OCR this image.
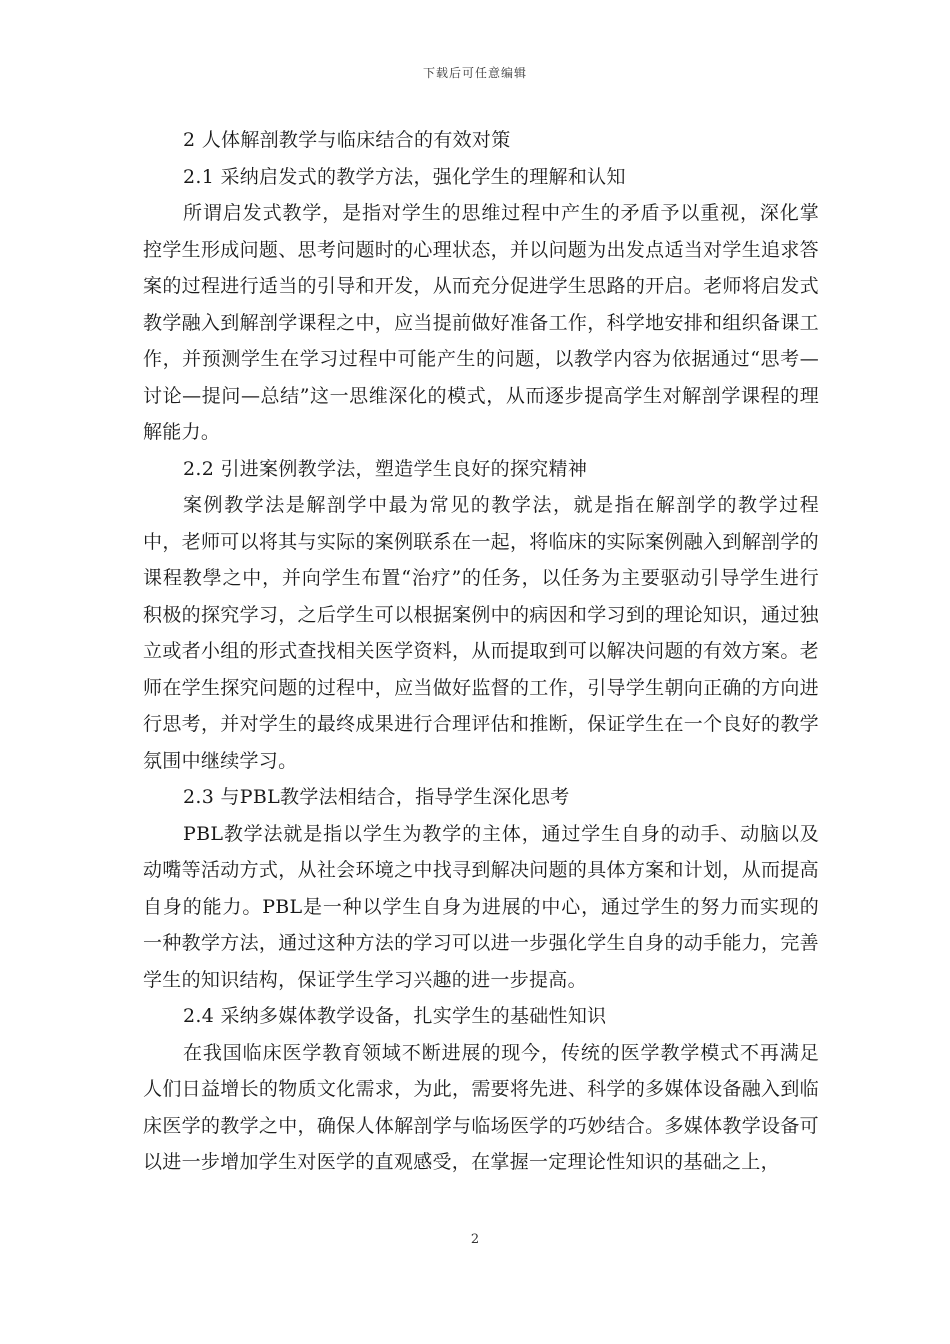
下载后可任意编辑

2 人体解剖教学与临床结合的有效对策

2.1 采纳启发式的教学方法，强化学生的理解和认知

所谓启发式教学，是指对学生的思维过程中产生的矛盾予以重视，深化掌控学生形成问题、思考问题时的心理状态，并以问题为出发点适当对学生追求答案的过程进行适当的引导和开发，从而充分促进学生思路的开启。老师将启发式教学融入到解剖学课程之中，应当提前做好准备工作，科学地安排和组织备课工作，并预测学生在学习过程中可能产生的问题，以教学内容为依据通过“思考—讨论—提问—总结”这一思维深化的模式，从而逐步提高学生对解剖学课程的理解能力。

2.2 引进案例教学法，塑造学生良好的探究精神

案例教学法是解剖学中最为常见的教学法，就是指在解剖学的教学过程中，老师可以将其与实际的案例联系在一起，将临床的实际案例融入到解剖学的课程教學之中，并向学生布置“治疗”的任务，以任务为主要驱动引导学生进行积极的探究学习，之后学生可以根据案例中的病因和学习到的理论知识，通过独立或者小组的形式查找相关医学资料，从而提取到可以解决问题的有效方案。老师在学生探究问题的过程中，应当做好监督的工作，引导学生朝向正确的方向进行思考，并对学生的最终成果进行合理评估和推断，保证学生在一个良好的教学氛围中继续学习。

2.3 与PBL教学法相结合，指导学生深化思考

PBL教学法就是指以学生为教学的主体，通过学生自身的动手、动脑以及动嘴等活动方式，从社会环境之中找寻到解决问题的具体方案和计划，从而提高自身的能力。PBL是一种以学生自身为进展的中心，通过学生的努力而实现的一种教学方法，通过这种方法的学习可以进一步强化学生自身的动手能力，完善学生的知识结构，保证学生学习兴趣的进一步提高。

2.4 采纳多媒体教学设备，扎实学生的基础性知识

在我国临床医学教育领域不断进展的现今，传统的医学教学模式不再满足人们日益增长的物质文化需求，为此，需要将先进、科学的多媒体设备融入到临床医学的教学之中，确保人体解剖学与临场医学的巧妙结合。多媒体教学设备可以进一步增加学生对医学的直观感受，在掌握一定理论性知识的基础之上，

2
